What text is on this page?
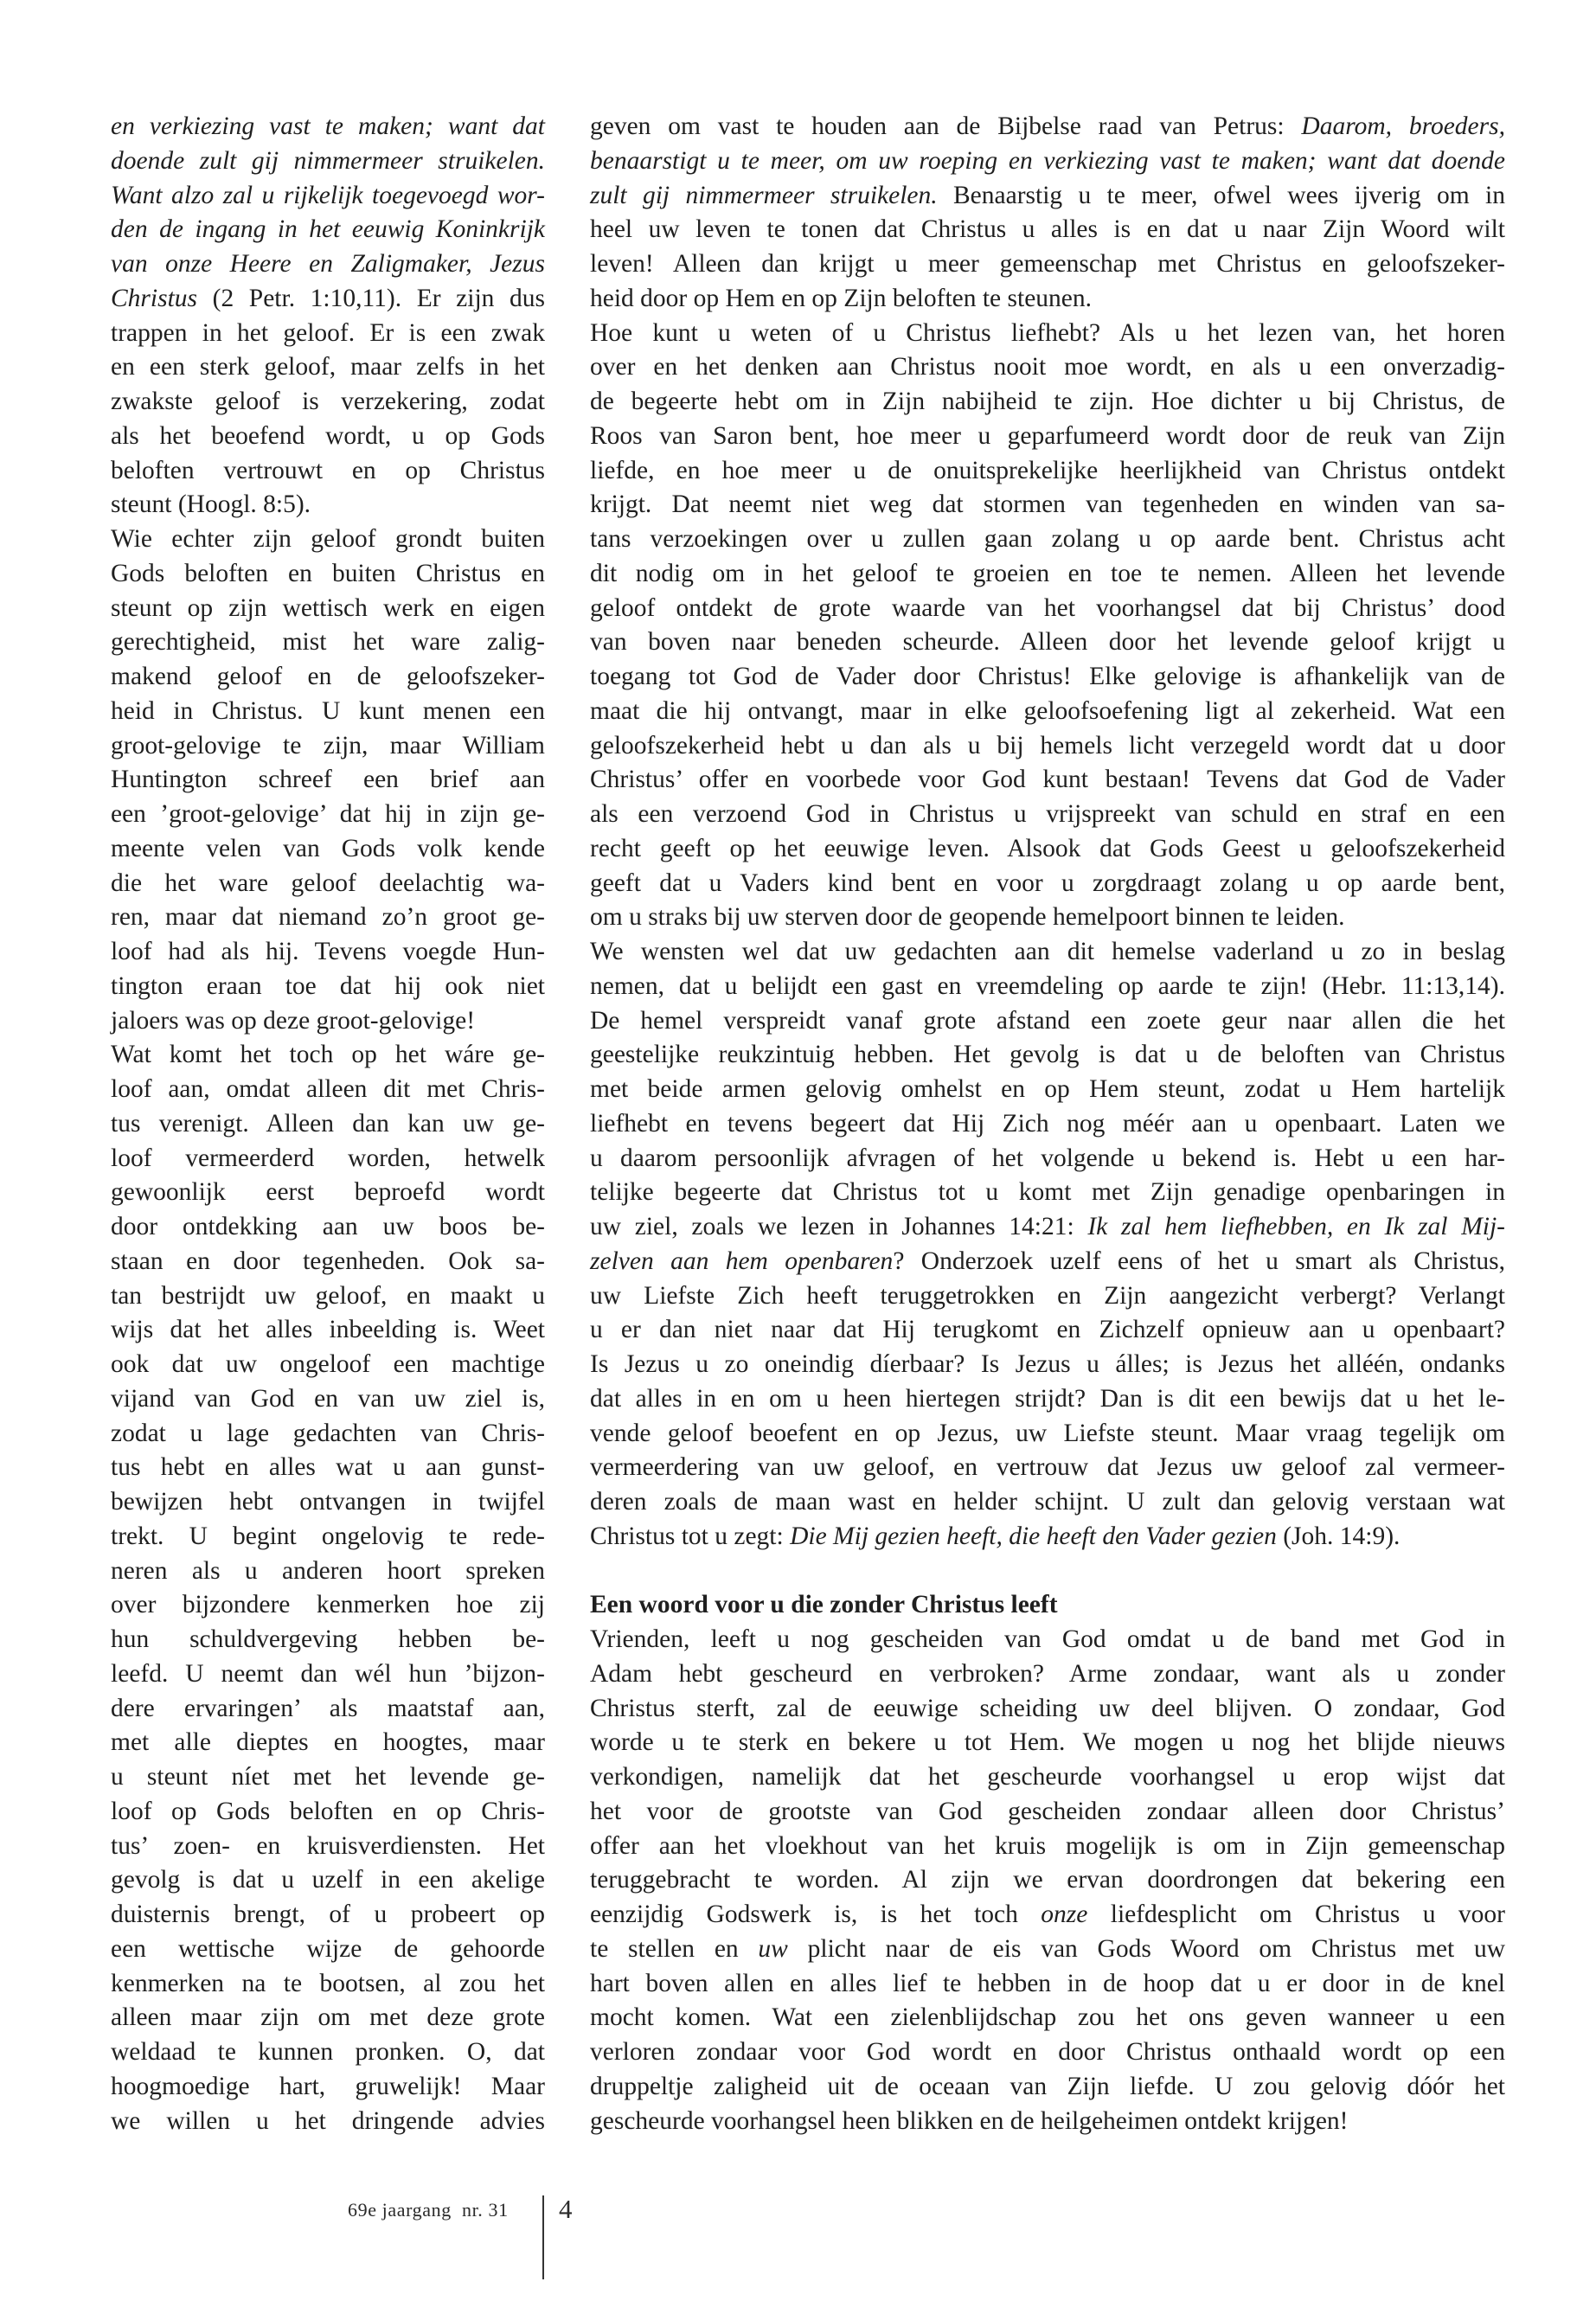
en verkiezing vast te maken; want dat
doende zult gij nimmermeer struikelen.
Want alzo zal u rijkelijk toegevoegd wor-
den de ingang in het eeuwig Koninkrijk
van onze Heere en Zaligmaker, Jezus
Christus (2 Petr. 1:10,11). Er zijn dus
trappen in het geloof. Er is een zwak
en een sterk geloof, maar zelfs in het
zwakste geloof is verzekering, zodat
als het beoefend wordt, u op Gods
beloften vertrouwt en op Christus
steunt (Hoogl. 8:5).
Wie echter zijn geloof grondt buiten
Gods beloften en buiten Christus en
steunt op zijn wettisch werk en eigen
gerechtigheid, mist het ware zalig-
makend geloof en de geloofszeker-
heid in Christus. U kunt menen een
groot-gelovige te zijn, maar William
Huntington schreef een brief aan
een ’groot-gelovige’ dat hij in zijn ge-
meente velen van Gods volk kende
die het ware geloof deelachtig wa-
ren, maar dat niemand zo’n groot ge-
loof had als hij. Tevens voegde Hun-
tington eraan toe dat hij ook niet
jaloers was op deze groot-gelovige!
Wat komt het toch op het wáre ge-
loof aan, omdat alleen dit met Chris-
tus verenigt. Alleen dan kan uw ge-
loof vermeerderd worden, hetwelk
gewoonlijk eerst beproefd wordt
door ontdekking aan uw boos be-
staan en door tegenheden. Ook sa-
tan bestrijdt uw geloof, en maakt u
wijs dat het alles inbeelding is. Weet
ook dat uw ongeloof een machtige
vijand van God en van uw ziel is,
zodat u lage gedachten van Chris-
tus hebt en alles wat u aan gunst-
bewijzen hebt ontvangen in twijfel
trekt. U begint ongelovig te rede-
neren als u anderen hoort spreken
over bijzondere kenmerken hoe zij
hun schuldvergeving hebben be-
leefd. U neemt dan wél hun ’bijzon-
dere ervaringen’ als maatstaf aan,
met alle dieptes en hoogtes, maar
u steunt níet met het levende ge-
loof op Gods beloften en op Chris-
tus’ zoen- en kruisverdiensten. Het
gevolg is dat u uzelf in een akelige
duisternis brengt, of u probeert op
een wettische wijze de gehoorde
kenmerken na te bootsen, al zou het
alleen maar zijn om met deze grote
weldaad te kunnen pronken. O, dat
hoogmoedige hart, gruwelijk! Maar
we willen u het dringende advies
geven om vast te houden aan de Bijbelse raad van Petrus: Daarom, broeders,
benaarstigt u te meer, om uw roeping en verkiezing vast te maken; want dat doende
zult gij nimmermeer struikelen. Benaarstig u te meer, ofwel wees ijverig om in
heel uw leven te tonen dat Christus u alles is en dat u naar Zijn Woord wilt
leven! Alleen dan krijgt u meer gemeenschap met Christus en geloofszeker-
heid door op Hem en op Zijn beloften te steunen.
Hoe kunt u weten of u Christus liefhebt? Als u het lezen van, het horen
over en het denken aan Christus nooit moe wordt, en als u een onverzadig-
de begeerte hebt om in Zijn nabijheid te zijn. Hoe dichter u bij Christus, de
Roos van Saron bent, hoe meer u geparfumeerd wordt door de reuk van Zijn
liefde, en hoe meer u de onuitsprekelijke heerlijkheid van Christus ontdekt
krijgt. Dat neemt niet weg dat stormen van tegenheden en winden van sa-
tans verzoekingen over u zullen gaan zolang u op aarde bent. Christus acht
dit nodig om in het geloof te groeien en toe te nemen. Alleen het levende
geloof ontdekt de grote waarde van het voorhangsel dat bij Christus’ dood
van boven naar beneden scheurde. Alleen door het levende geloof krijgt u
toegang tot God de Vader door Christus! Elke gelovige is afhankelijk van de
maat die hij ontvangt, maar in elke geloofsoefening ligt al zekerheid. Wat een
geloofszekerheid hebt u dan als u bij hemels licht verzegeld wordt dat u door
Christus’ offer en voorbede voor God kunt bestaan! Tevens dat God de Vader
als een verzoend God in Christus u vrijspreekt van schuld en straf en een
recht geeft op het eeuwige leven. Alsook dat Gods Geest u geloofszekerheid
geeft dat u Vaders kind bent en voor u zorgdraagt zolang u op aarde bent,
om u straks bij uw sterven door de geopende hemelpoort binnen te leiden.
We wensten wel dat uw gedachten aan dit hemelse vaderland u zo in beslag
nemen, dat u belijdt een gast en vreemdeling op aarde te zijn! (Hebr. 11:13,14).
De hemel verspreidt vanaf grote afstand een zoete geur naar allen die het
geestelijke reukzintuig hebben. Het gevolg is dat u de beloften van Christus
met beide armen gelovig omhelst en op Hem steunt, zodat u Hem hartelijk
liefhebt en tevens begeert dat Hij Zich nog méér aan u openbaart. Laten we
u daarom persoonlijk afvragen of het volgende u bekend is. Hebt u een har-
telijke begeerte dat Christus tot u komt met Zijn genadige openbaringen in
uw ziel, zoals we lezen in Johannes 14:21: Ik zal hem liefhebben, en Ik zal Mij-
zelven aan hem openbaren? Onderzoek uzelf eens of het u smart als Christus,
uw Liefste Zich heeft teruggetrokken en Zijn aangezicht verbergt? Verlangt
u er dan niet naar dat Hij terugkomt en Zichzelf opnieuw aan u openbaart?
Is Jezus u zo oneindig díerbaar? Is Jezus u álles; is Jezus het alléén, ondanks
dat alles in en om u heen hiertegen strijdt? Dan is dit een bewijs dat u het le-
vende geloof beoefent en op Jezus, uw Liefste steunt. Maar vraag tegelijk om
vermeerdering van uw geloof, en vertrouw dat Jezus uw geloof zal vermeer-
deren zoals de maan wast en helder schijnt. U zult dan gelovig verstaan wat
Christus tot u zegt: Die Mij gezien heeft, die heeft den Vader gezien (Joh. 14:9).
Een woord voor u die zonder Christus leeft
Vrienden, leeft u nog gescheiden van God omdat u de band met God in
Adam hebt gescheurd en verbroken? Arme zondaar, want als u zonder
Christus sterft, zal de eeuwige scheiding uw deel blijven. O zondaar, God
worde u te sterk en bekere u tot Hem. We mogen u nog het blijde nieuws
verkondigen, namelijk dat het gescheurde voorhangsel u erop wijst dat
het voor de grootste van God gescheiden zondaar alleen door Christus’
offer aan het vloekhout van het kruis mogelijk is om in Zijn gemeenschap
teruggebracht te worden. Al zijn we ervan doordrongen dat bekering een
eenzijdig Godswerk is, is het toch onze liefdesplicht om Christus u voor
te stellen en uw plicht naar de eis van Gods Woord om Christus met uw
hart boven allen en alles lief te hebben in de hoop dat u er door in de knel
mocht komen. Wat een zielenblijdschap zou het ons geven wanneer u een
verloren zondaar voor God wordt en door Christus onthaald wordt op een
druppeltje zaligheid uit de oceaan van Zijn liefde. U zou gelovig dóór het
gescheurde voorhangsel heen blikken en de heilgeheimen ontdekt krijgen!
69e jaargang  nr. 31 4
